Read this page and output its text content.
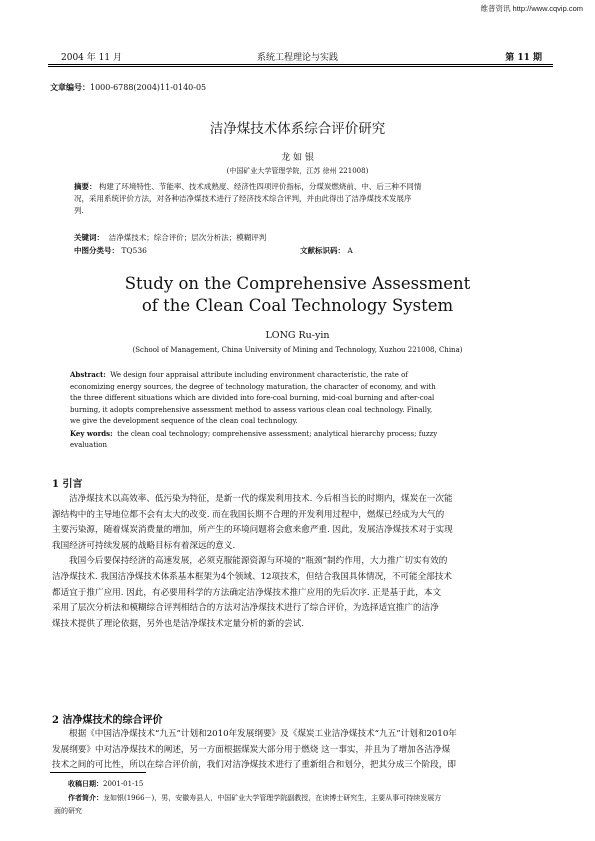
维普资讯 http://www.cqvip.com
2004 年 11 月	系统工程理论与实践	第 11 期
文章编号：1000-6788(2004)11-0140-05
洁净煤技术体系综合评价研究
龙 如 银
(中国矿业大学管理学院，江苏 徐州 221008)
摘要： 构建了环境特性、节能率、技术成熟度、经济性四项评价指标，分煤炭燃烧前、中、后三种不同情
况，采用系统评价方法，对各种洁净煤技术进行了经济技术综合评判，并由此得出了洁净煤技术发展序
列.
关键词： 洁净煤技术；综合评价；层次分析法；模糊评判
中图分类号： TQ536	文献标识码： A
Study on the Comprehensive Assessment
of the Clean Coal Technology System
LONG Ru-yin
(School of Management, China University of Mining and Technology, Xuzhou 221008, China)
Abstract: We design four appraisal attribute including environment characteristic, the rate of
economizing energy sources, the degree of technology maturation, the character of economy, and with
the three different situations which are divided into fore-coal burning, mid-coal burning and after-coal
burning, it adopts comprehensive assessment method to assess various clean coal technology. Finally,
we give the development sequence of the clean coal technology.
Key words: the clean coal technology; comprehensive assessment; analytical hierarchy process; fuzzy
evaluation
1 引言
洁净煤技术以高效率、低污染为特征，是新一代的煤炭利用技术. 今后相当长的时期内，煤炭在一次能
源结构中的主导地位都不会有太大的改变. 而在我国长期不合理的开发利用过程中，燃煤已经成为大气的
主要污染源，随着煤炭消费量的增加，所产生的环境问题将会愈来愈严重. 因此，发展洁净煤技术对于实现
我国经济可持续发展的战略目标有着深远的意义.
我国今后要保持经济的高速发展，必须克服能源资源与环境的“瓶颈”制约作用，大力推广切实有效的
洁净煤技术. 我国洁净煤技术体系基本框架为4个领域、12项技术，但结合我国具体情况，不可能全部技术
都适宜于推广应用. 因此，有必要用科学的方法确定洁净煤技术推广应用的先后次序. 正是基于此，本文
采用了层次分析法和模糊综合评判相结合的方法对洁净煤技术进行了综合评价，为选择适宜推广的洁净
煤技术提供了理论依据，另外也是洁净煤技术定量分析的新的尝试.
2 洁净煤技术的综合评价
根据《中国洁净煤技术“九五”计划和2010年发展纲要》及《煤炭工业洁净煤技术“九五”计划和2010年
发展纲要》中对洁净煤技术的阐述，另一方面根据煤炭大部分用于燃烧 这一事实，并且为了增加各洁净煤
技术之间的可比性，所以在综合评价前，我们对洁净煤技术进行了重新组合和划分，把其分成三个阶段，即
收稿日期：2001-01-15
作者简介：龙如银(1966－)，男，安徽寿县人，中国矿业大学管理学院副教授，在读博士研究生，主要从事可持续发展方
面的研究
